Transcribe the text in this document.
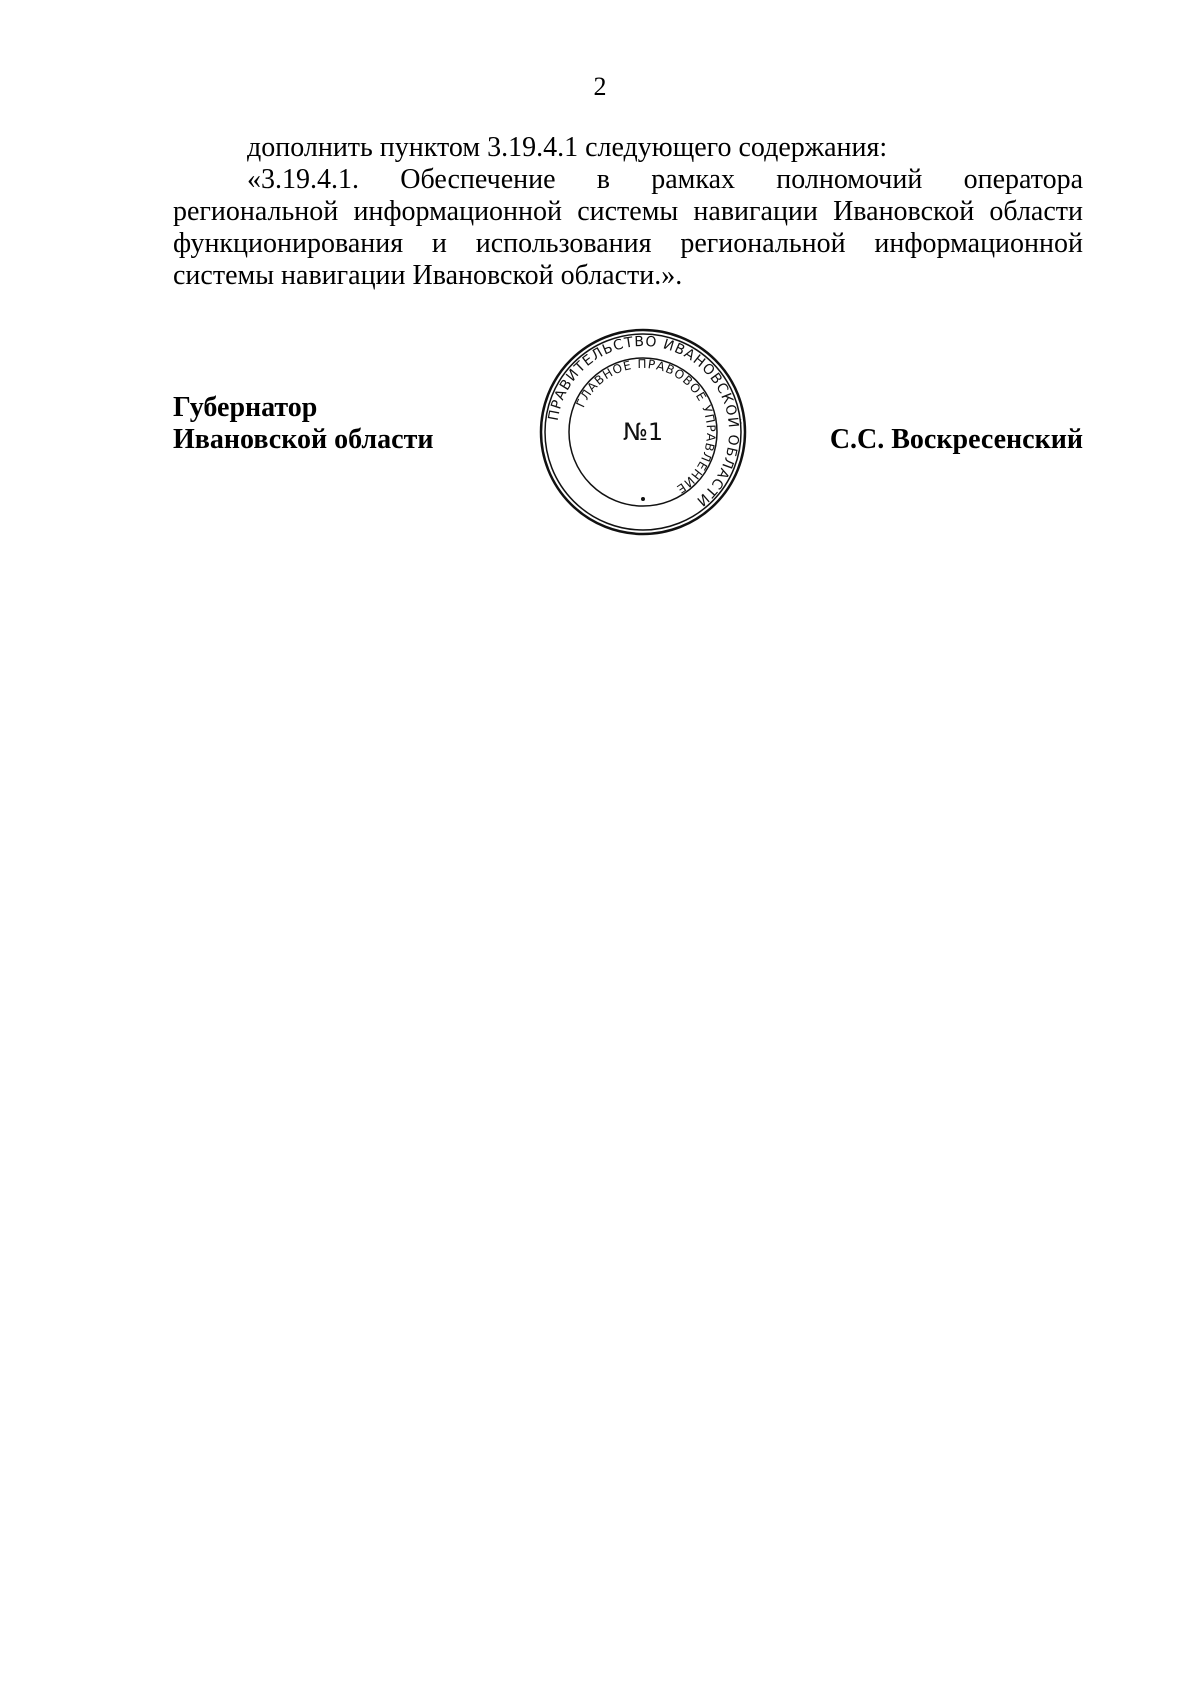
2

дополнить пунктом 3.19.4.1 следующего содержания:

«3.19.4.1. Обеспечение в рамках полномочий оператора региональной информационной системы навигации Ивановской области функционирования и использования региональной информационной системы навигации Ивановской области.».

Губернатор
Ивановской области	С.С. Воскресенский
ПРАВИТЕЛЬСТВО ИВАНОВСКОЙ ОБЛАСТИ
ГЛАВНОЕ ПРАВОВОЕ УПРАВЛЕНИЕ
№1
